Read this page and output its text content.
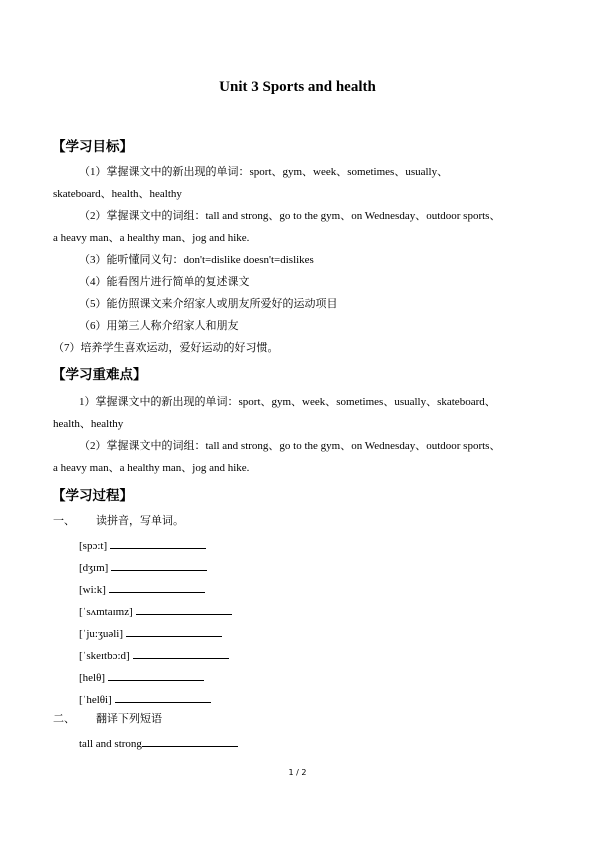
Unit 3 Sports and health
【学习目标】
（1）掌握课文中的新出现的单词：sport、gym、week、sometimes、usually、
skateboard、health、healthy
（2）掌握课文中的词组：tall and strong、go to the gym、on Wednesday、outdoor sports、
a heavy man、a healthy man、jog and hike.
（3）能听懂同义句：don't=dislike doesn't=dislikes
（4）能看图片进行简单的复述课文
（5）能仿照课文来介绍家人或朋友所爱好的运动项目
（6）用第三人称介绍家人和朋友
（7）培养学生喜欢运动，爱好运动的好习惯。
【学习重难点】
1）掌握课文中的新出现的单词：sport、gym、week、sometimes、usually、skateboard、
health、healthy
（2）掌握课文中的词组：tall and strong、go to the gym、on Wednesday、outdoor sports、
a heavy man、a healthy man、jog and hike.
【学习过程】
一、 读拼音，写单词。
[spɔ:t]
[dʒɪm]
[wi:k]
[ˈsʌmtaɪmz]
[ˈju:ʒuəli]
[ˈskeɪtbɔ:d]
[helθ]
[ˈhelθi]
二、 翻译下列短语
tall and strong
1 / 2
